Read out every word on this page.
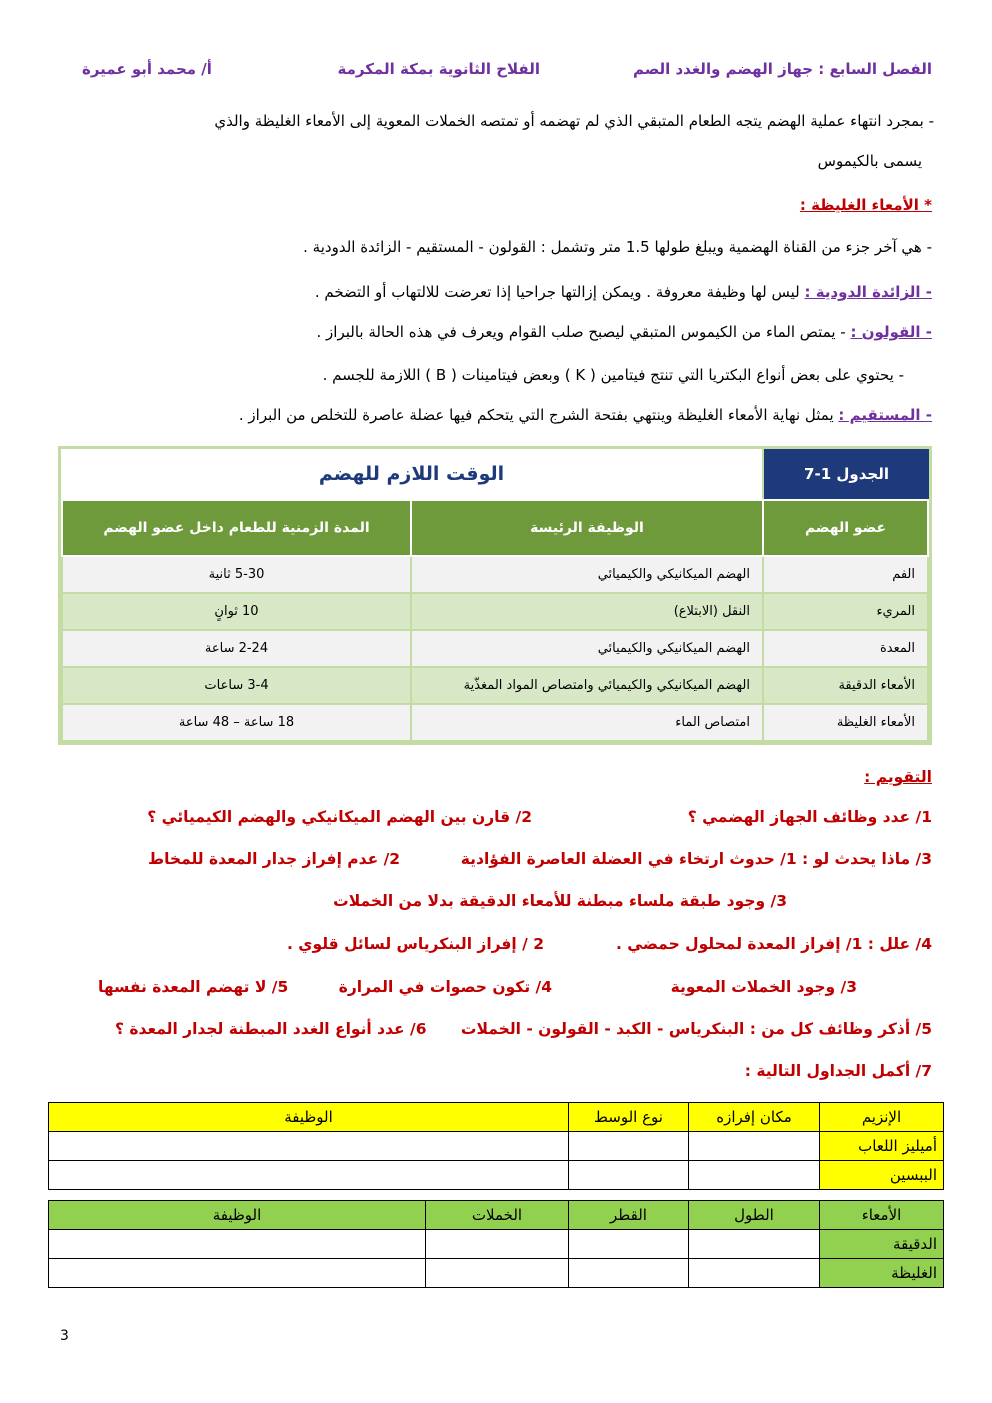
الفصل السابع : جهاز الهضم والغدد الصم
الفلاح الثانوية بمكة المكرمة
أ/ محمد أبو عميرة
- بمجرد انتهاء عملية الهضم يتجه الطعام المتبقي الذي لم تهضمه أو تمتصه الخملات المعوية إلى الأمعاء الغليظة والذي
يسمى بالكيموس
* الأمعاء الغليظة :
- هي آخر جزء من القناة الهضمية ويبلغ طولها 1.5 متر وتشمل : القولون - المستقيم - الزائدة الدودية .
- الزائدة الدودية : ليس لها وظيفة معروفة . ويمكن إزالتها جراحيا إذا تعرضت للالتهاب أو التضخم .
- القولون : - يمتص الماء من الكيموس المتبقي ليصبح صلب القوام ويعرف في هذه الحالة بالبراز .
- يحتوي على بعض أنواع البكتريا التي تنتج فيتامين ( K ) وبعض فيتامينات ( B ) اللازمة للجسم .
- المستقيم : يمثل نهاية الأمعاء الغليظة وينتهي بفتحة الشرج التي يتحكم فيها عضلة عاصرة للتخلص من البراز .
الجدول 1-7
الوقت اللازم للهضم
عضو الهضم	الوظيفة الرئيسة	المدة الزمنية للطعام داخل عضو الهضم
الفم	الهضم الميكانيكي والكيميائي	5-30 ثانية
المريء	النقل (الابتلاع)	10 ثوانٍ
المعدة	الهضم الميكانيكي والكيميائي	2-24 ساعة
الأمعاء الدقيقة	الهضم الميكانيكي والكيميائي وامتصاص المواد المغذّية	3-4 ساعات
الأمعاء الغليظة	امتصاص الماء	18 ساعة – 48 ساعة
التقويم :
1/ عدد وظائف الجهاز الهضمي ؟
2/ قارن بين الهضم الميكانيكي والهضم الكيميائي ؟
3/ ماذا يحدث لو : 1/ حدوث ارتخاء في العضلة العاصرة الفؤادية
2/ عدم إفراز جدار المعدة للمخاط
3/ وجود طبقة ملساء مبطنة للأمعاء الدقيقة بدلا من الخملات
4/ علل : 1/ إفراز المعدة لمحلول حمضي .
2 / إفراز البنكرياس لسائل قلوي .
3/ وجود الخملات المعوية
4/ تكون حصوات في المرارة
5/ لا تهضم المعدة نفسها
5/ أذكر وظائف كل من : البنكرياس - الكبد - القولون - الخملات
6/ عدد أنواع الغدد المبطنة لجدار المعدة ؟
7/ أكمل الجداول التالية :
الإنزيم	مكان إفرازه	نوع الوسط	الوظيفة
أميليز اللعاب			
الببسين			
الأمعاء	الطول	القطر	الخملات	الوظيفة
الدقيقة				
الغليظة				
3
